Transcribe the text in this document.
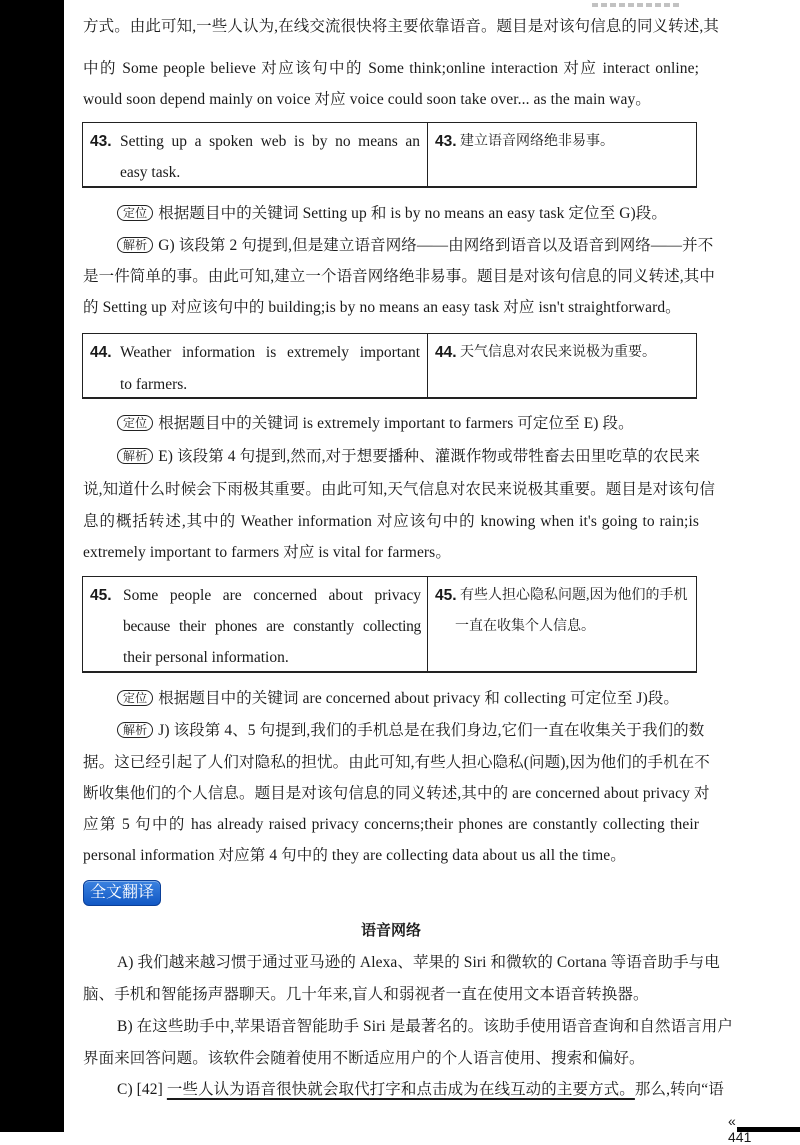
方式。由此可知,一些人认为,在线交流很快将主要依靠语音。题目是对该句信息的同义转述,其
中的 Some people believe 对应该句中的 Some think;online interaction 对应 interact online;
would soon depend mainly on voice 对应 voice could soon take over... as the main way。
43. Setting up a spoken web is by no means an
easy task.
43. 建立语音网络绝非易事。
定位 根据题目中的关键词 Setting up 和 is by no means an easy task 定位至 G)段。
解析 G) 该段第 2 句提到,但是建立语音网络——由网络到语音以及语音到网络——并不
是一件简单的事。由此可知,建立一个语音网络绝非易事。题目是对该句信息的同义转述,其中
的 Setting up 对应该句中的 building;is by no means an easy task 对应 isn't straightforward。
44. Weather information is extremely important
to farmers.
44. 天气信息对农民来说极为重要。
定位 根据题目中的关键词 is extremely important to farmers 可定位至 E) 段。
解析 E) 该段第 4 句提到,然而,对于想要播种、灌溉作物或带牲畜去田里吃草的农民来
说,知道什么时候会下雨极其重要。由此可知,天气信息对农民来说极其重要。题目是对该句信
息的概括转述,其中的 Weather information 对应该句中的 knowing when it's going to rain;is
extremely important to farmers 对应 is vital for farmers。
45. Some people are concerned about privacy
because their phones are constantly collecting
their personal information.
45. 有些人担心隐私问题,因为他们的手机
一直在收集个人信息。
定位 根据题目中的关键词 are concerned about privacy 和 collecting 可定位至 J)段。
解析 J) 该段第 4、5 句提到,我们的手机总是在我们身边,它们一直在收集关于我们的数
据。这已经引起了人们对隐私的担忧。由此可知,有些人担心隐私(问题),因为他们的手机在不
断收集他们的个人信息。题目是对该句信息的同义转述,其中的 are concerned about privacy 对
应第 5 句中的 has already raised privacy concerns;their phones are constantly collecting their
personal information 对应第 4 句中的 they are collecting data about us all the time。
全文翻译
语音网络
A) 我们越来越习惯于通过亚马逊的 Alexa、苹果的 Siri 和微软的 Cortana 等语音助手与电
脑、手机和智能扬声器聊天。几十年来,盲人和弱视者一直在使用文本语音转换器。
B) 在这些助手中,苹果语音智能助手 Siri 是最著名的。该助手使用语音查询和自然语言用户
界面来回答问题。该软件会随着使用不断适应用户的个人语言使用、搜索和偏好。
C) [42] 一些人认为语音很快就会取代打字和点击成为在线互动的主要方式。那么,转向“语
« 441
